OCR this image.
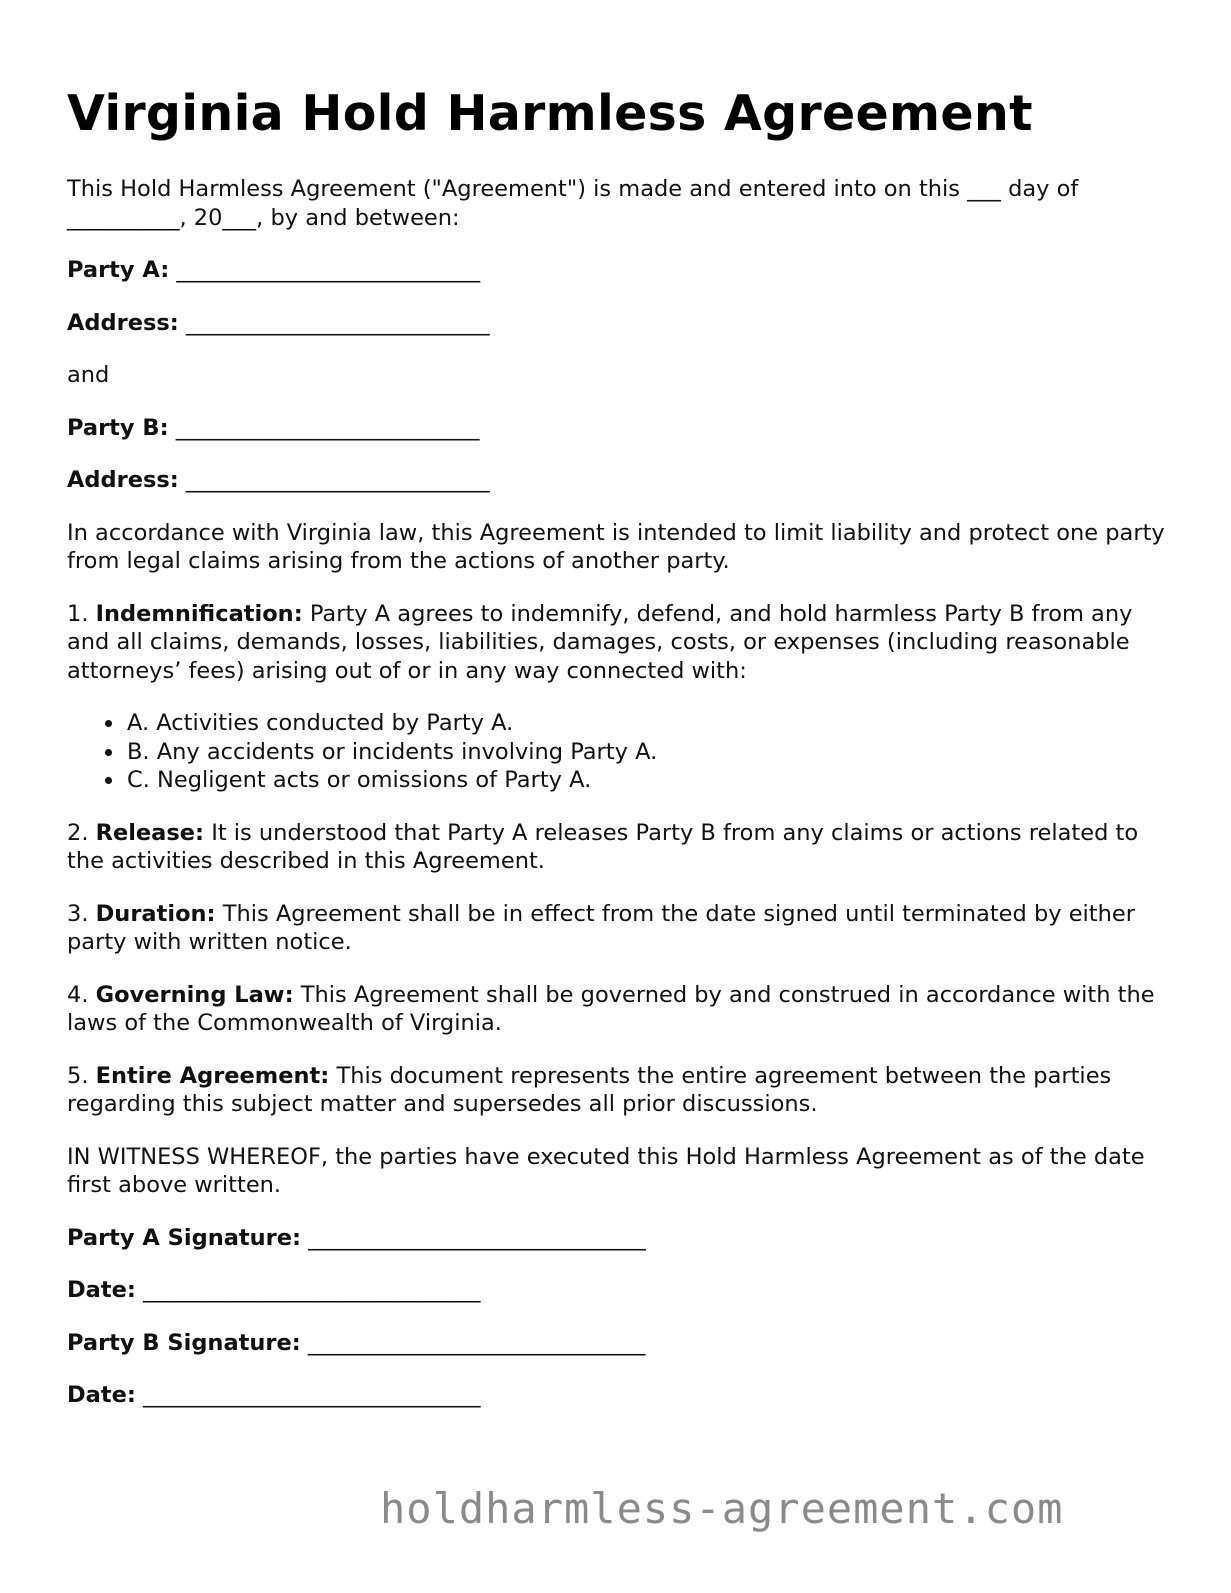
Virginia Hold Harmless Agreement

This Hold Harmless Agreement ("Agreement") is made and entered into on this ___ day of __________, 20___, by and between:

Party A: ___________________________

Address: ___________________________

and

Party B: ___________________________

Address: ___________________________

In accordance with Virginia law, this Agreement is intended to limit liability and protect one party from legal claims arising from the actions of another party.

1. Indemnification: Party A agrees to indemnify, defend, and hold harmless Party B from any and all claims, demands, losses, liabilities, damages, costs, or expenses (including reasonable attorneys’ fees) arising out of or in any way connected with:

• A. Activities conducted by Party A.
• B. Any accidents or incidents involving Party A.
• C. Negligent acts or omissions of Party A.

2. Release: It is understood that Party A releases Party B from any claims or actions related to the activities described in this Agreement.

3. Duration: This Agreement shall be in effect from the date signed until terminated by either party with written notice.

4. Governing Law: This Agreement shall be governed by and construed in accordance with the laws of the Commonwealth of Virginia.

5. Entire Agreement: This document represents the entire agreement between the parties regarding this subject matter and supersedes all prior discussions.

IN WITNESS WHEREOF, the parties have executed this Hold Harmless Agreement as of the date first above written.

Party A Signature: ______________________________

Date: ______________________________

Party B Signature: ______________________________

Date: ______________________________

holdharmless-agreement.com
